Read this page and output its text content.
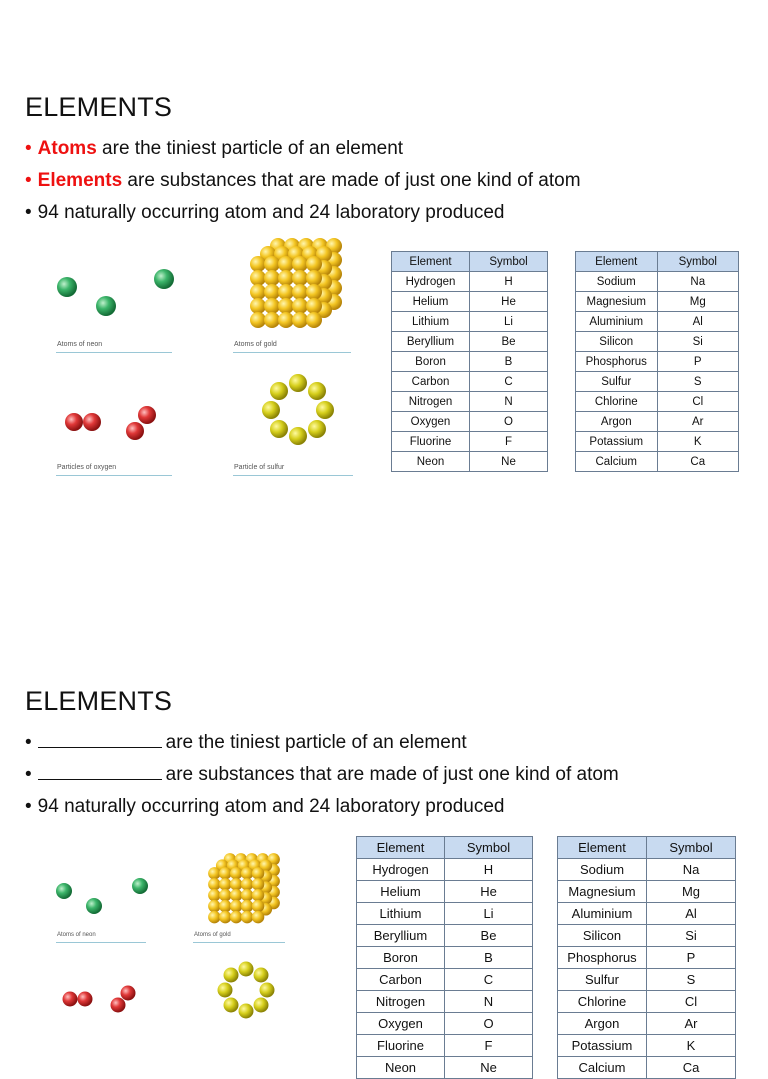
ELEMENTS
• Atoms are the tiniest particle of an element
• Elements are substances that are made of just one kind of atom
• 94 naturally occurring atom and 24 laboratory produced
Atoms of neon	Atoms of gold
Particles of oxygen	Particle of sulfur
Element	Symbol
Hydrogen	H
Helium	He
Lithium	Li
Beryllium	Be
Boron	B
Carbon	C
Nitrogen	N
Oxygen	O
Fluorine	F
Neon	Ne
Element	Symbol
Sodium	Na
Magnesium	Mg
Aluminium	Al
Silicon	Si
Phosphorus	P
Sulfur	S
Chlorine	Cl
Argon	Ar
Potassium	K
Calcium	Ca
ELEMENTS
•	are the tiniest particle of an element
•	are substances that are made of just one kind of atom
• 94 naturally occurring atom and 24 laboratory produced
Atoms of neon	Atoms of gold
Element	Symbol
Hydrogen	H
Helium	He
Lithium	Li
Beryllium	Be
Boron	B
Carbon	C
Nitrogen	N
Oxygen	O
Fluorine	F
Neon	Ne
Element	Symbol
Sodium	Na
Magnesium	Mg
Aluminium	Al
Silicon	Si
Phosphorus	P
Sulfur	S
Chlorine	Cl
Argon	Ar
Potassium	K
Calcium	Ca
